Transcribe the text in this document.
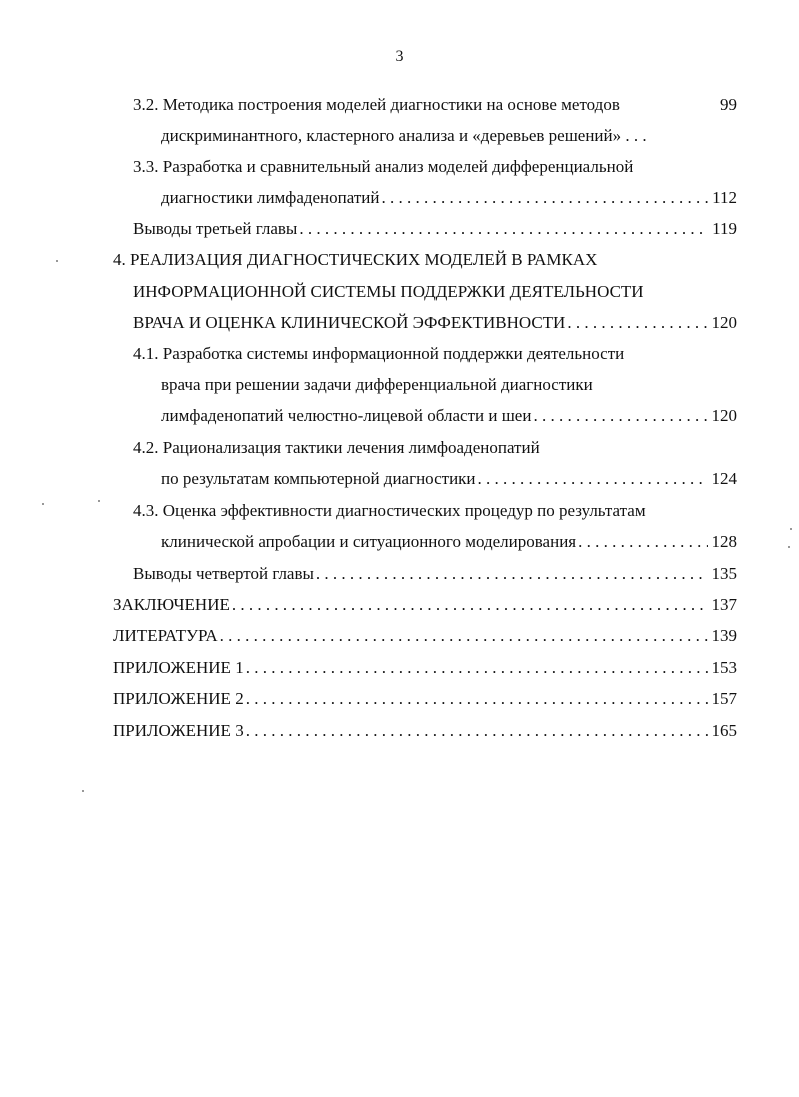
3
3.2. Методика построения моделей диагностики на основе методов	99
дискриминантного, кластерного анализа и «деревьев решений» . . .
3.3. Разработка и сравнительный анализ моделей дифференциальной
диагностики лимфаденопатий . . .	112
Выводы третьей главы . . .	119
4. РЕАЛИЗАЦИЯ ДИАГНОСТИЧЕСКИХ МОДЕЛЕЙ В РАМКАХ
ИНФОРМАЦИОННОЙ СИСТЕМЫ ПОДДЕРЖКИ ДЕЯТЕЛЬНОСТИ
ВРАЧА И ОЦЕНКА КЛИНИЧЕСКОЙ ЭФФЕКТИВНОСТИ . . .	120
4.1. Разработка системы информационной поддержки деятельности
врача при решении задачи дифференциальной диагностики
лимфаденопатий челюстно-лицевой области и шеи . . .	120
4.2. Рационализация тактики лечения лимфоаденопатий
по результатам компьютерной диагностики . . .	124
4.3. Оценка эффективности диагностических процедур по результатам
клинической апробации и ситуационного моделирования . . .	128
Выводы четвертой главы . . .	135
ЗАКЛЮЧЕНИЕ . . .	137
ЛИТЕРАТУРА . . .	139
ПРИЛОЖЕНИЕ 1 . . .	153
ПРИЛОЖЕНИЕ 2 . . .	157
ПРИЛОЖЕНИЕ 3 . . .	165
